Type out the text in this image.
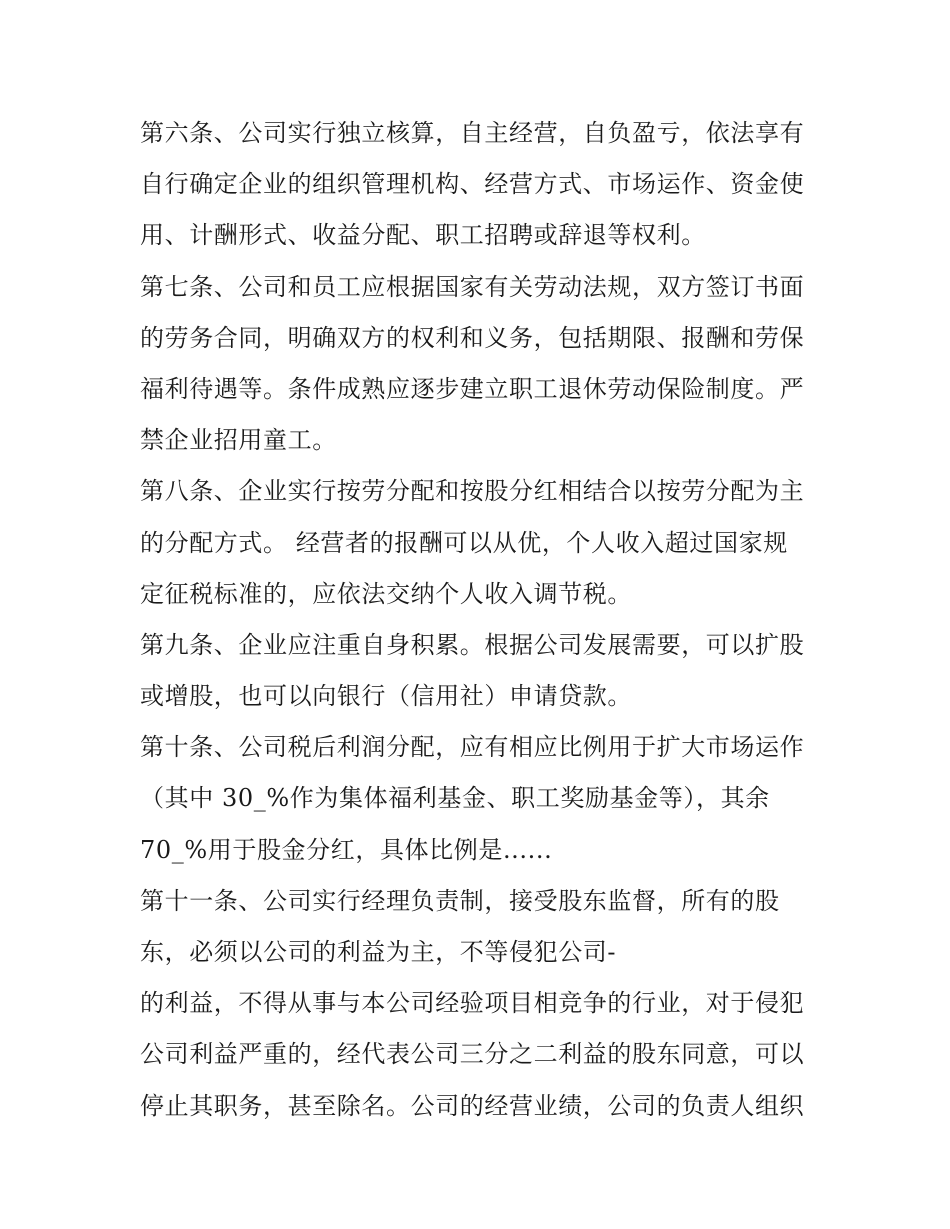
第六条、公司实行独立核算，自主经营，自负盈亏，依法享有
自行确定企业的组织管理机构、经营方式、市场运作、资金使
用、计酬形式、收益分配、职工招聘或辞退等权利。
第七条、公司和员工应根据国家有关劳动法规，双方签订书面
的劳务合同，明确双方的权利和义务，包括期限、报酬和劳保
福利待遇等。条件成熟应逐步建立职工退休劳动保险制度。严
禁企业招用童工。
第八条、企业实行按劳分配和按股分红相结合以按劳分配为主
的分配方式。 经营者的报酬可以从优，个人收入超过国家规
定征税标准的，应依法交纳个人收入调节税。
第九条、企业应注重自身积累。根据公司发展需要，可以扩股
或增股，也可以向银行（信用社）申请贷款。
第十条、公司税后利润分配，应有相应比例用于扩大市场运作
（其中 30_%作为集体福利基金、职工奖励基金等），其余
70_%用于股金分红，具体比例是......
第十一条、公司实行经理负责制，接受股东监督，所有的股
东，必须以公司的利益为主，不等侵犯公司-
的利益，不得从事与本公司经验项目相竞争的行业，对于侵犯
公司利益严重的，经代表公司三分之二利益的股东同意，可以
停止其职务，甚至除名。公司的经营业绩，公司的负责人组织
